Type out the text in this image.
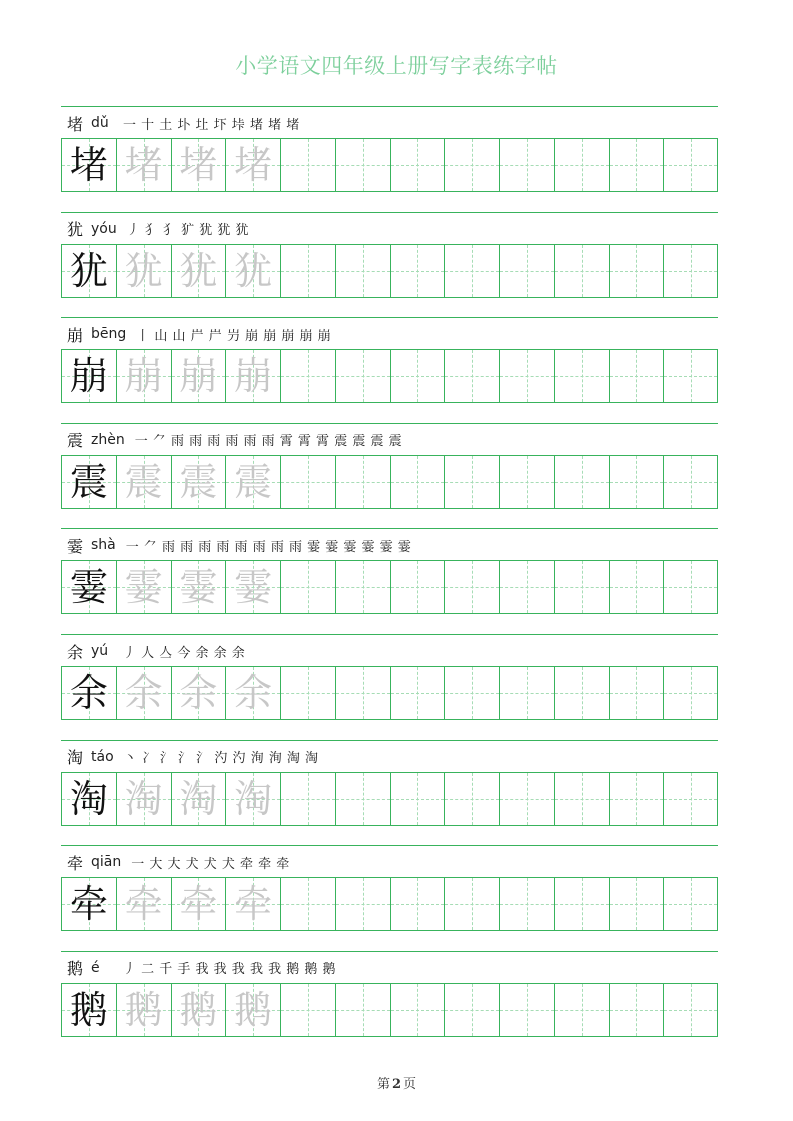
小学语文四年级上册写字表练字帖
堵 dǔ	一 十 土 圤 圵 圷 垰 堵 堵 堵
堵 堵 堵 堵
犹 yóu 丿 犭 犭 犷 犹 犹 犹
犹 犹 犹 犹
崩 bēng 丨 山 山 屵 屵 屶 崩 崩 崩 崩 崩
崩 崩 崩 崩
震 zhèn 一 ⺈ 雨 雨 雨 雨 雨 雨 霄 霄 霄 震 震 震 震
震 震 震 震
霎 shà 一 ⺈ 雨 雨 雨 雨 雨 雨 雨 雨 霎 霎 霎 霎 霎 霎
霎 霎 霎 霎
余 yú	丿 人 亼 今 余 余 余
余 余 余 余
淘 táo 丶 冫 氵 氵 氵 汋 汋 洵 洵 淘 淘
淘 淘 淘 淘
牵 qiān 一 大 大 犬 犬 犬 牵 牵 牵
牵 牵 牵 牵
鹅 é	丿 二 千 手 我 我 我 我 我 鹅 鹅 鹅
鹅 鹅 鹅 鹅
第 2 页
